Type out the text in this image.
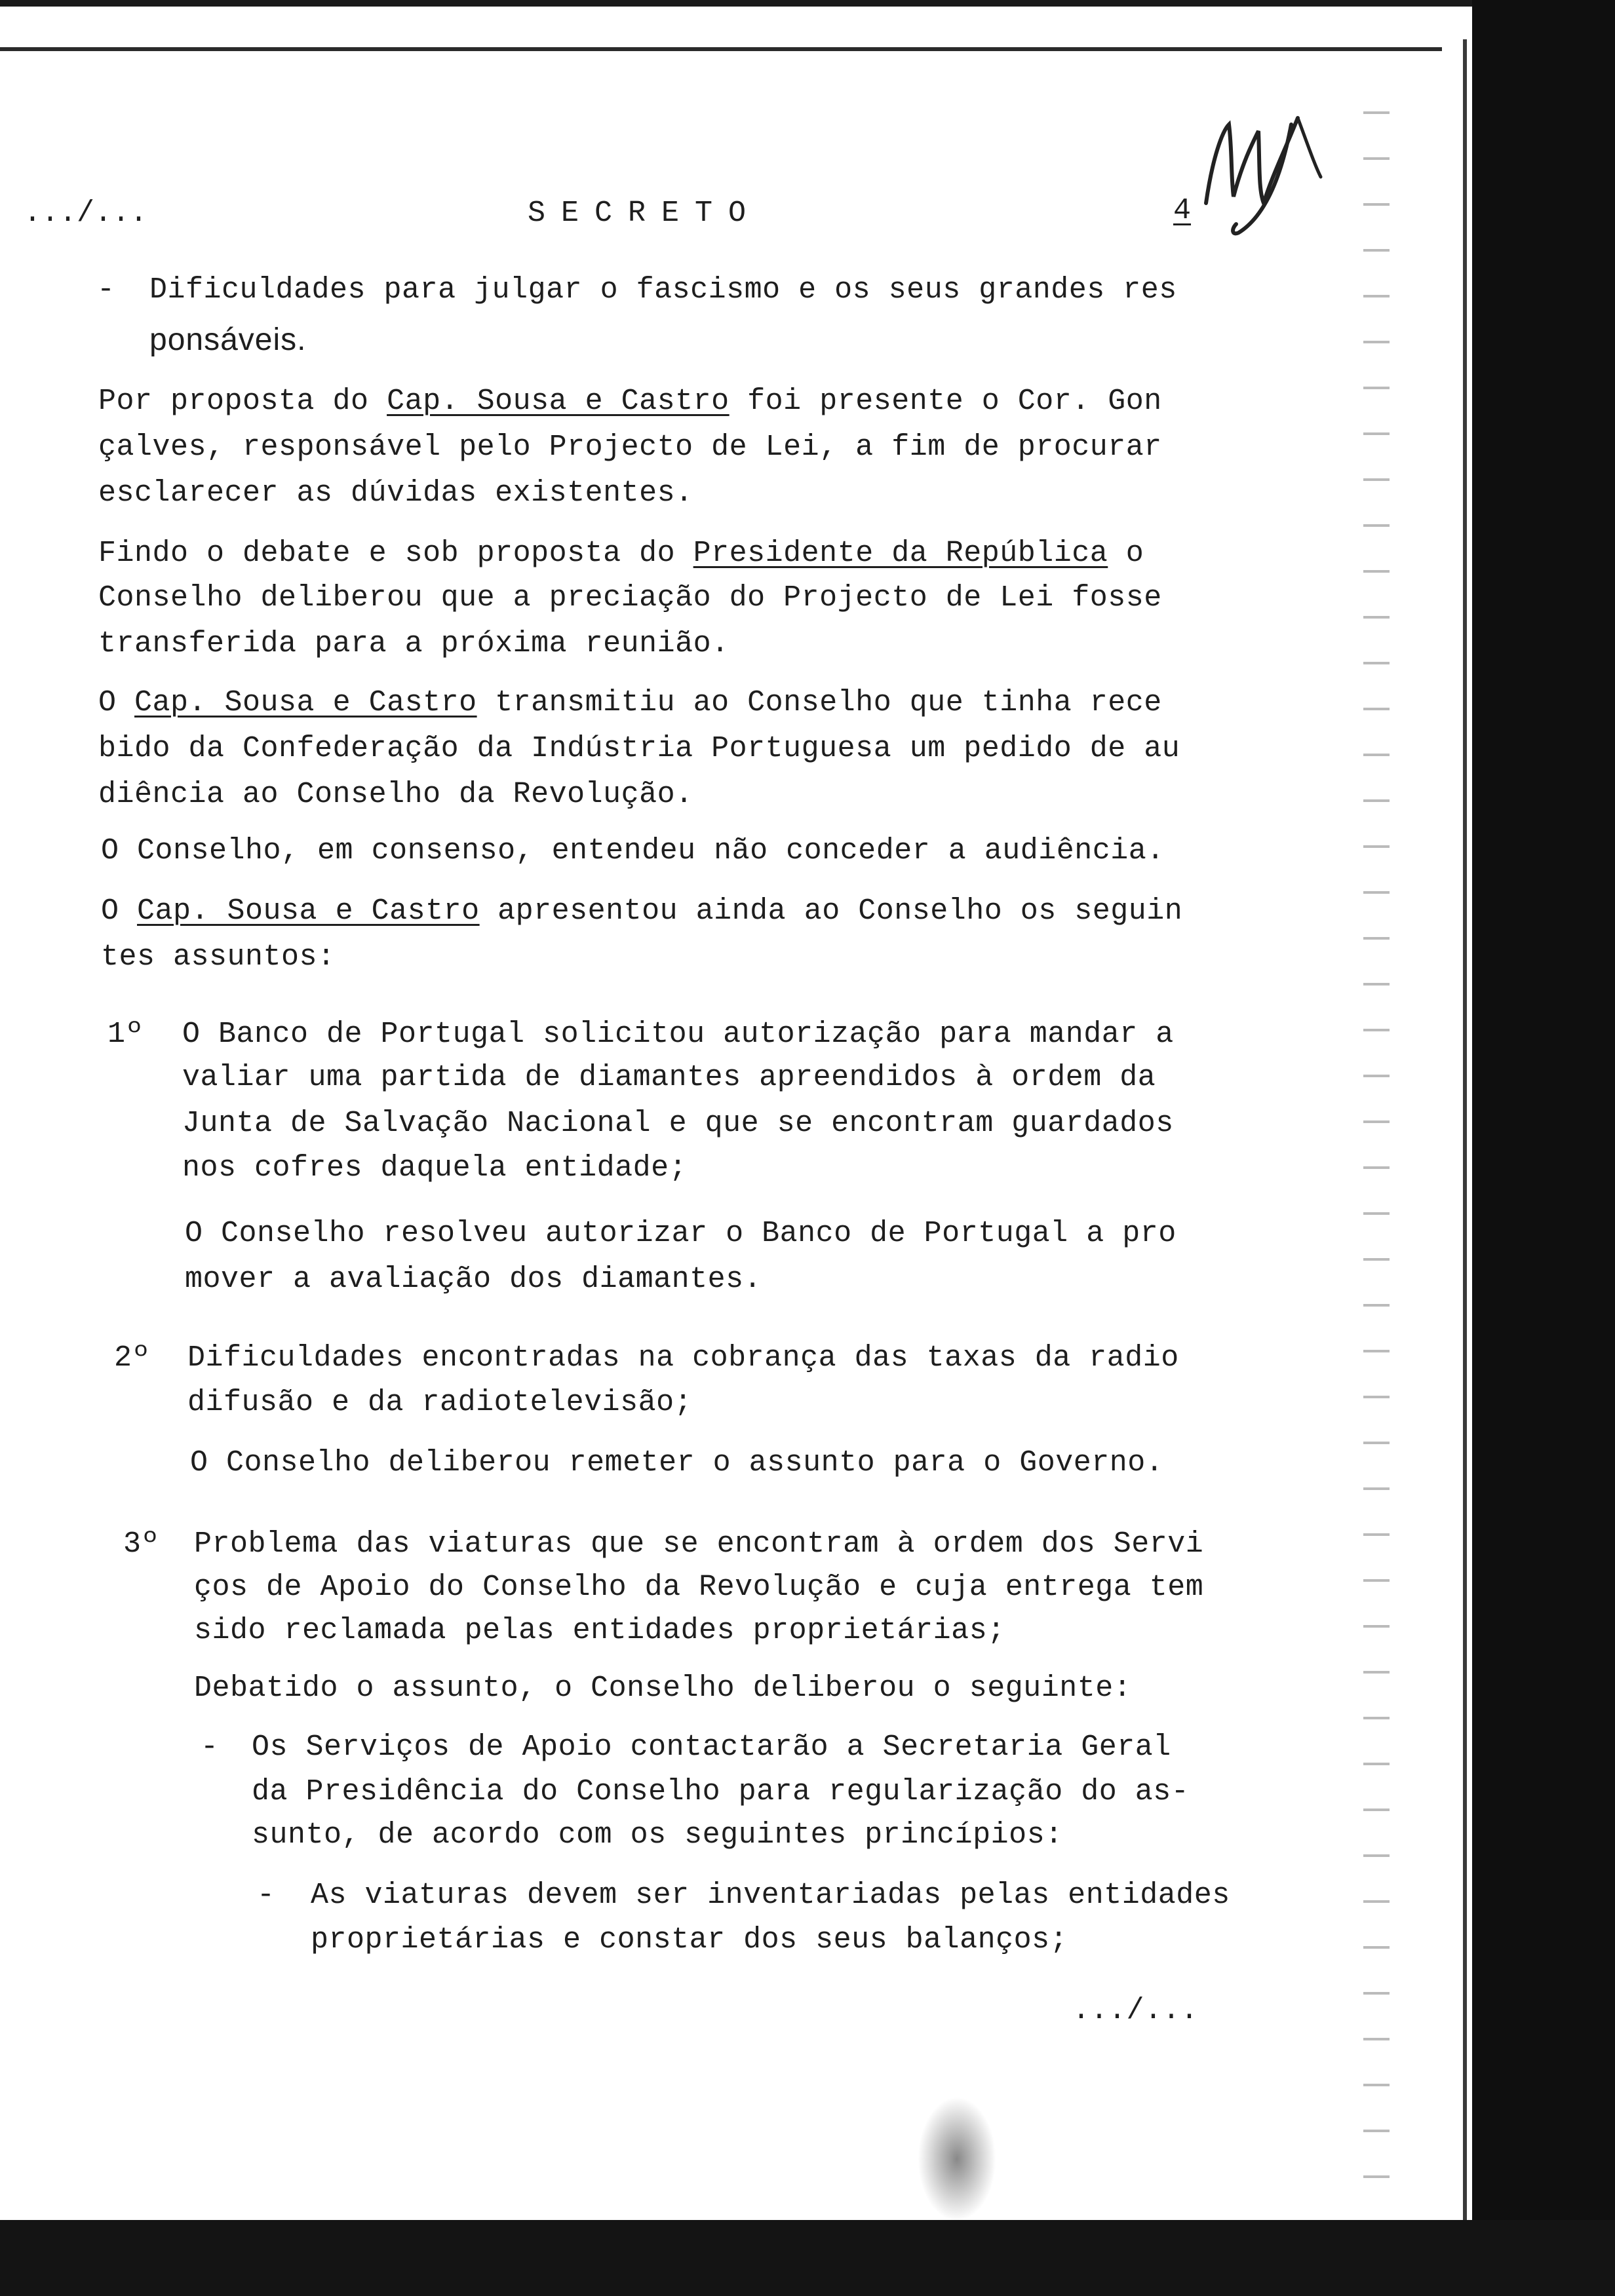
.../...	SECRETO	4
- Dificuldades para julgar o fascismo e os seus grandes res
ponsáveis.
Por proposta do Cap. Sousa e Castro foi presente o Cor. Gon
çalves, responsável pelo Projecto de Lei, a fim de procurar
esclarecer as dúvidas existentes.
Findo o debate e sob proposta do Presidente da República o
Conselho deliberou que a preciação do Projecto de Lei fosse
transferida para a próxima reunião.
O Cap. Sousa e Castro transmitiu ao Conselho que tinha rece
bido da Confederação da Indústria Portuguesa um pedido de au
diência ao Conselho da Revolução.
O Conselho, em consenso, entendeu não conceder a audiência.
O Cap. Sousa e Castro apresentou ainda ao Conselho os seguin
tes assuntos:
1º O Banco de Portugal solicitou autorização para mandar a
valiar uma partida de diamantes apreendidos à ordem da
Junta de Salvação Nacional e que se encontram guardados
nos cofres daquela entidade;
O Conselho resolveu autorizar o Banco de Portugal a pro
mover a avaliação dos diamantes.
2º Dificuldades encontradas na cobrança das taxas da radio
difusão e da radiotelevisão;
O Conselho deliberou remeter o assunto para o Governo.
3º Problema das viaturas que se encontram à ordem dos Servi
ços de Apoio do Conselho da Revolução e cuja entrega tem
sido reclamada pelas entidades proprietárias;
Debatido o assunto, o Conselho deliberou o seguinte:
- Os Serviços de Apoio contactarão a Secretaria Geral
da Presidência do Conselho para regularização do as-
sunto, de acordo com os seguintes princípios:
- As viaturas devem ser inventariadas pelas entidades
proprietárias e constar dos seus balanços;
.../...
